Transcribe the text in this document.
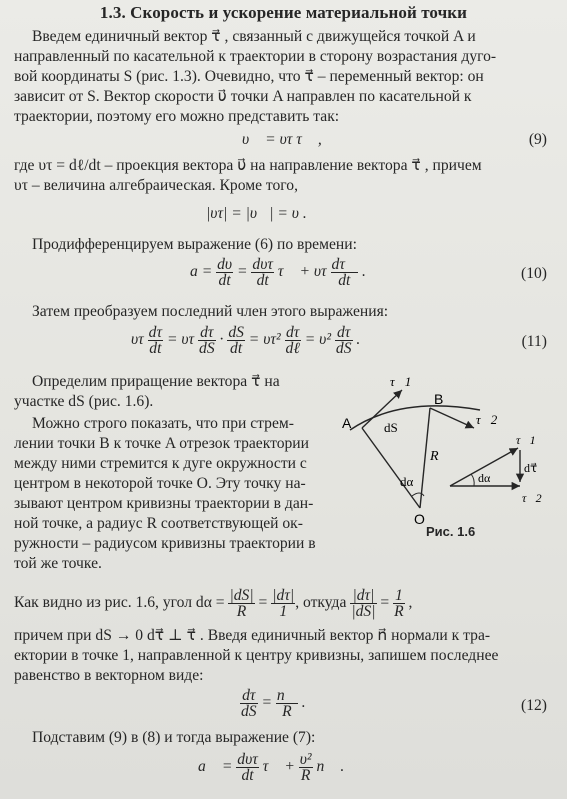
1.3. Скорость и ускорение материальной точки
Введем единичный вектор τ⃗ , связанный с движущейся точкой A и
направленный по касательной к траектории в сторону возрастания дуго-
вой координаты S (рис. 1.3). Очевидно, что τ⃗ – переменный вектор: он
зависит от S. Вектор скорости υ⃗ точки A направлен по касательной к
траектории, поэтому его можно представить так:
υ⃗ = υτ τ⃗ ,	(9)
где υτ = dℓ/dt – проекция вектора υ⃗ на направление вектора τ⃗ , причем
υτ – величина алгебраическая. Кроме того,
|υτ| = |υ⃗| = υ .
Продифференцируем выражение (6) по времени:
$a = \frac{d\upsilon}{dt} = \frac{\text{dυτ}}{dt}$ τ⃗ + υτ $\frac{d\tau⃗}{dt}$ .	(10)
Затем преобразуем последний член этого выражения:
υτ $\frac{d\tau}{dt} = \upsilon\tau \frac{d\tau}{dS} \cdot \frac{dS}{dt} = \upsilon\tau^2 \frac{d\tau}{\text{dℓ}} = \upsilon^2 \frac{d\tau}{dS}$ .	(11)
Определим приращение вектора τ⃗ на
участке dS (рис. 1.6).
Можно строго показать, что при стрем-
лении точки B к точке A отрезок траектории
между ними стремится к дуге окружности с
центром в некоторой точке O. Эту точку на-
зывают центром кривизны траектории в дан-
ной точке, а радиус R соответствующей ок-
ружности – радиусом кривизны траектории в
той же точке.
τ⃗1
B
τ⃗2
A	dS
R
dα
O
τ⃗1
dτ⃗
dα
τ⃗2
Рис. 1.6
Как видно из рис. 1.6, угол $d\alpha = \frac{|dS|}{R} = \frac{|d\tau|}{1}$ , откуда $\frac{|d\tau|}{|dS|} = \frac{1}{R}$ ,
причем при dS → 0 dτ⃗ ⊥ τ⃗ . Введя единичный вектор n⃗ нормали к тра-
ектории в точке 1, направленной к центру кривизны, запишем последнее
равенство в векторном виде:
$\frac{d\tau}{dS} = \frac{n⃗}{R}$ .	(12)
Подставим (9) в (8) и тогда выражение (7):
a⃗ = $\frac{\text{dυτ}}{dt}$ τ⃗ + $\frac{\text{υ²}}{R}$ n⃗ .
